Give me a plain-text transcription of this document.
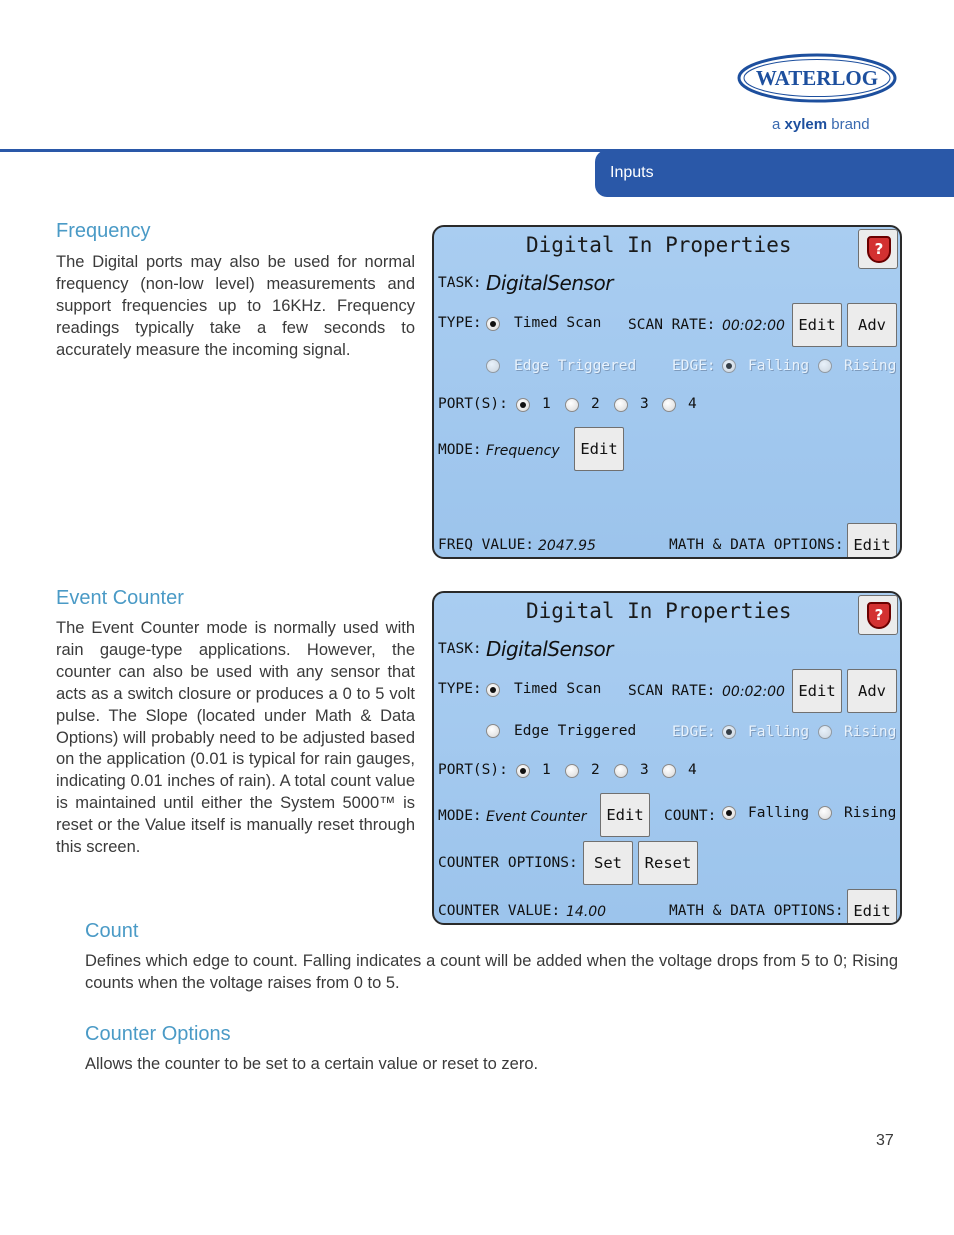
WATERLOG
a xylem brand
Inputs
Frequency
The Digital ports may also be used for normal frequency (non-low level) measurements and support frequencies up to 16KHz. Frequency readings typically take a few seconds to accurately measure the incoming signal.
Digital In Properties	?
TASK: DigitalSensor
TYPE: Timed Scan SCAN RATE: 00:02:00 Edit	Adv
Edge Triggered EDGE: Falling Rising
PORT(S): 1	2	3	4
MODE: Frequency	Edit
FREQ VALUE: 2047.95	MATH & DATA OPTIONS: Edit
Event Counter
The Event Counter mode is normally used with rain gauge-type applications. However, the counter can also be used with any sensor that acts as a switch closure or produces a 0 to 5 volt pulse. The Slope (located under Math & Data Options) will probably need to be adjusted based on the application (0.01 is typical for rain gauges, indicating 0.01 inches of rain). A total count value is maintained until either the System 5000™ is reset or the Value itself is manually reset through this screen.
Digital In Properties	?
TASK: DigitalSensor
TYPE: Timed Scan SCAN RATE: 00:02:00 Edit	Adv
Edge Triggered EDGE: Falling Rising
PORT(S): 1	2	3	4
MODE: Event Counter	Edit	COUNT: Falling Rising
COUNTER OPTIONS:	Set	Reset
COUNTER VALUE: 14.00	MATH & DATA OPTIONS: Edit
Count
Defines which edge to count. Falling indicates a count will be added when the voltage drops from 5 to 0; Rising counts when the voltage raises from 0 to 5.
Counter Options
Allows the counter to be set to a certain value or reset to zero.
37
